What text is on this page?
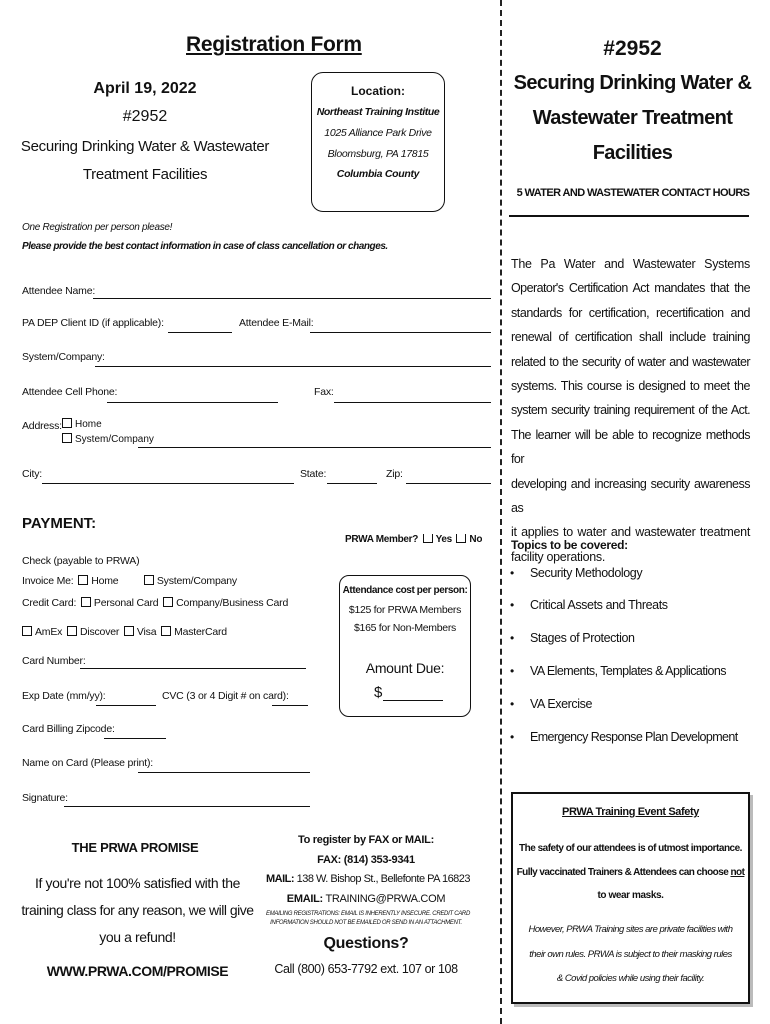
Registration Form
April 19, 2022
#2952
Securing Drinking Water & Wastewater
Treatment Facilities
Location:
Northeast Training Institue
1025 Alliance Park Drive
Bloomsburg, PA 17815
Columbia County
One Registration per person please!
Please provide the best contact information in case of class cancellation or changes.
Attendee Name:
PA DEP Client ID (if applicable):	Attendee E-Mail:
System/Company:
Attendee Cell Phone:	Fax:
Address:	Home
System/Company
City:	State:	Zip:
PAYMENT:
PRWA Member? Yes No
Check (payable to PRWA)
Invoice Me: Home	System/Company
Credit Card: Personal Card Company/Business Card
AmEx Discover Visa MasterCard
Card Number:
Exp Date (mm/yy):	CVC (3 or 4 Digit # on card):
Card Billing Zipcode:
Name on Card (Please print):
Signature:
Attendance cost per person:
$125 for PRWA Members
$165 for Non-Members
Amount Due:
$
THE PRWA PROMISE
If you're not 100% satisfied with the
training class for any reason, we will give
you a refund!
WWW.PRWA.COM/PROMISE
To register by FAX or MAIL:
FAX: (814) 353-9341
MAIL: 138 W. Bishop St., Bellefonte PA 16823
EMAIL: TRAINING@PRWA.COM
EMAILING REGISTRATIONS: EMAIL IS INHERENTLY INSECURE. CREDIT CARD
INFORMATION SHOULD NOT BE EMAILED OR SEND IN AN ATTACHMENT.
Questions?
Call (800) 653-7792 ext. 107 or 108
#2952
Securing Drinking Water &
Wastewater Treatment
Facilities
5 WATER AND WASTEWATER CONTACT HOURS
The Pa Water and Wastewater Systems
Operator's Certification Act mandates that the
standards for certification, recertification and
renewal of certification shall include training
related to the security of water and wastewater
systems. This course is designed to meet the
system security training requirement of the Act.
The learner will be able to recognize methods for
developing and increasing security awareness as
it applies to water and wastewater treatment
facility operations.
Topics to be covered:
• Security Methodology
• Critical Assets and Threats
• Stages of Protection
• VA Elements, Templates & Applications
• VA Exercise
• Emergency Response Plan Development
PRWA Training Event Safety
The safety of our attendees is of utmost importance.
Fully vaccinated Trainers & Attendees can choose not
to wear masks.
However, PRWA Training sites are private facilities with
their own rules. PRWA is subject to their masking rules
& Covid policies while using their facility.
